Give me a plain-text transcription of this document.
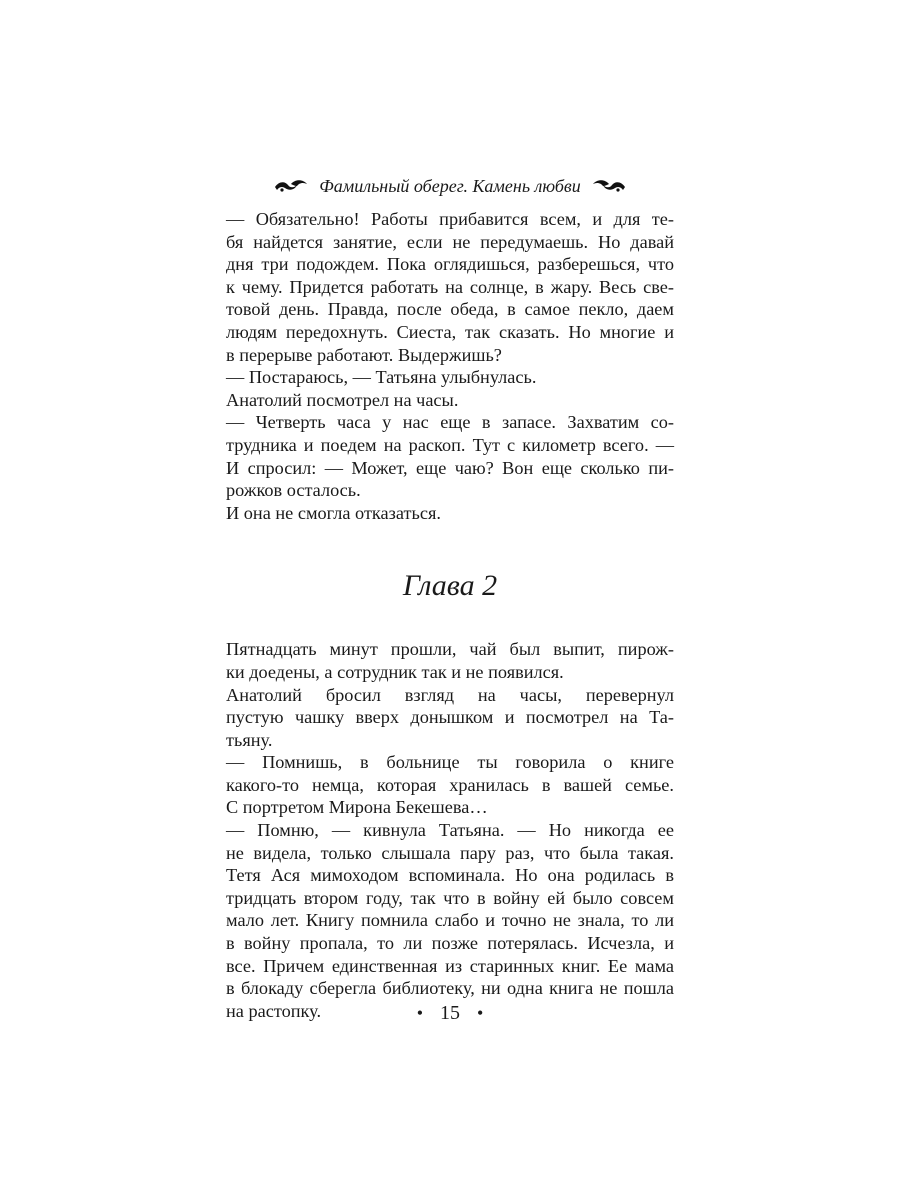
Фамильный оберег. Камень любви

— Обязательно! Работы прибавится всем, и для те-
бя найдется занятие, если не передумаешь. Но давай
дня три подождем. Пока оглядишься, разберешься, что
к чему. Придется работать на солнце, в жару. Весь све-
товой день. Правда, после обеда, в самое пекло, даем
людям передохнуть. Сиеста, так сказать. Но многие и
в перерыве работают. Выдержишь?

— Постараюсь, — Татьяна улыбнулась.

Анатолий посмотрел на часы.

— Четверть часа у нас еще в запасе. Захватим со-
трудника и поедем на раскоп. Тут с километр всего. —
И спросил: — Может, еще чаю? Вон еще сколько пи-
рожков осталось.

И она не смогла отказаться.

Глава 2

Пятнадцать минут прошли, чай был выпит, пирож-
ки доедены, а сотрудник так и не появился.

Анатолий бросил взгляд на часы, перевернул
пустую чашку вверх донышком и посмотрел на Та-
тьяну.

— Помнишь, в больнице ты говорила о книге
какого-то немца, которая хранилась в вашей семье.
С портретом Мирона Бекешева…

— Помню, — кивнула Татьяна. — Но никогда ее
не видела, только слышала пару раз, что была такая.
Тетя Ася мимоходом вспоминала. Но она родилась в
тридцать втором году, так что в войну ей было совсем
мало лет. Книгу помнила слабо и точно не знала, то ли
в войну пропала, то ли позже потерялась. Исчезла, и
все. Причем единственная из старинных книг. Ее мама
в блокаду сберегла библиотеку, ни одна книга не пошла
на растопку.	• 15 •
